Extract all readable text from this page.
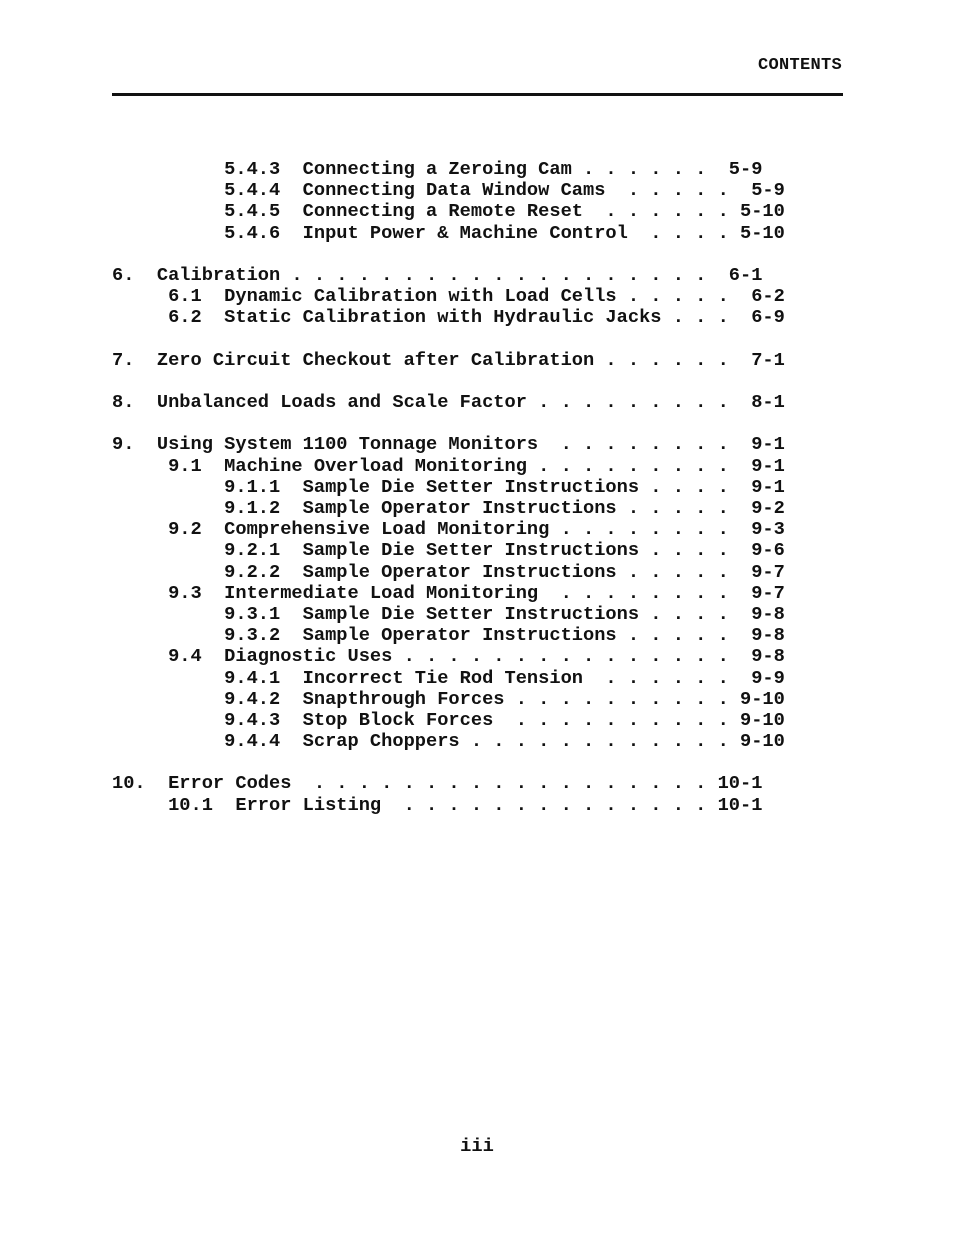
CONTENTS
5.4.3  Connecting a Zeroing Cam . . . . . .  5-9
5.4.4  Connecting Data Window Cams  . . . . .  5-9
5.4.5  Connecting a Remote Reset  . . . . . . 5-10
5.4.6  Input Power & Machine Control  . . . . 5-10
6.  Calibration . . . . . . . . . . . . . . . . . . .  6-1
6.1  Dynamic Calibration with Load Cells . . . . .  6-2
6.2  Static Calibration with Hydraulic Jacks . . .  6-9
7.  Zero Circuit Checkout after Calibration . . . . . .  7-1
8.  Unbalanced Loads and Scale Factor . . . . . . . . .  8-1
9.  Using System 1100 Tonnage Monitors  . . . . . . . .  9-1
9.1  Machine Overload Monitoring . . . . . . . . .  9-1
9.1.1  Sample Die Setter Instructions . . . .  9-1
9.1.2  Sample Operator Instructions . . . . .  9-2
9.2  Comprehensive Load Monitoring . . . . . . . .  9-3
9.2.1  Sample Die Setter Instructions . . . .  9-6
9.2.2  Sample Operator Instructions . . . . .  9-7
9.3  Intermediate Load Monitoring  . . . . . . . .  9-7
9.3.1  Sample Die Setter Instructions . . . .  9-8
9.3.2  Sample Operator Instructions . . . . .  9-8
9.4  Diagnostic Uses . . . . . . . . . . . . . . .  9-8
9.4.1  Incorrect Tie Rod Tension  . . . . . .  9-9
9.4.2  Snapthrough Forces . . . . . . . . . . 9-10
9.4.3  Stop Block Forces  . . . . . . . . . . 9-10
9.4.4  Scrap Choppers . . . . . . . . . . . . 9-10
10.  Error Codes  . . . . . . . . . . . . . . . . . . 10-1
10.1  Error Listing  . . . . . . . . . . . . . . 10-1
iii
